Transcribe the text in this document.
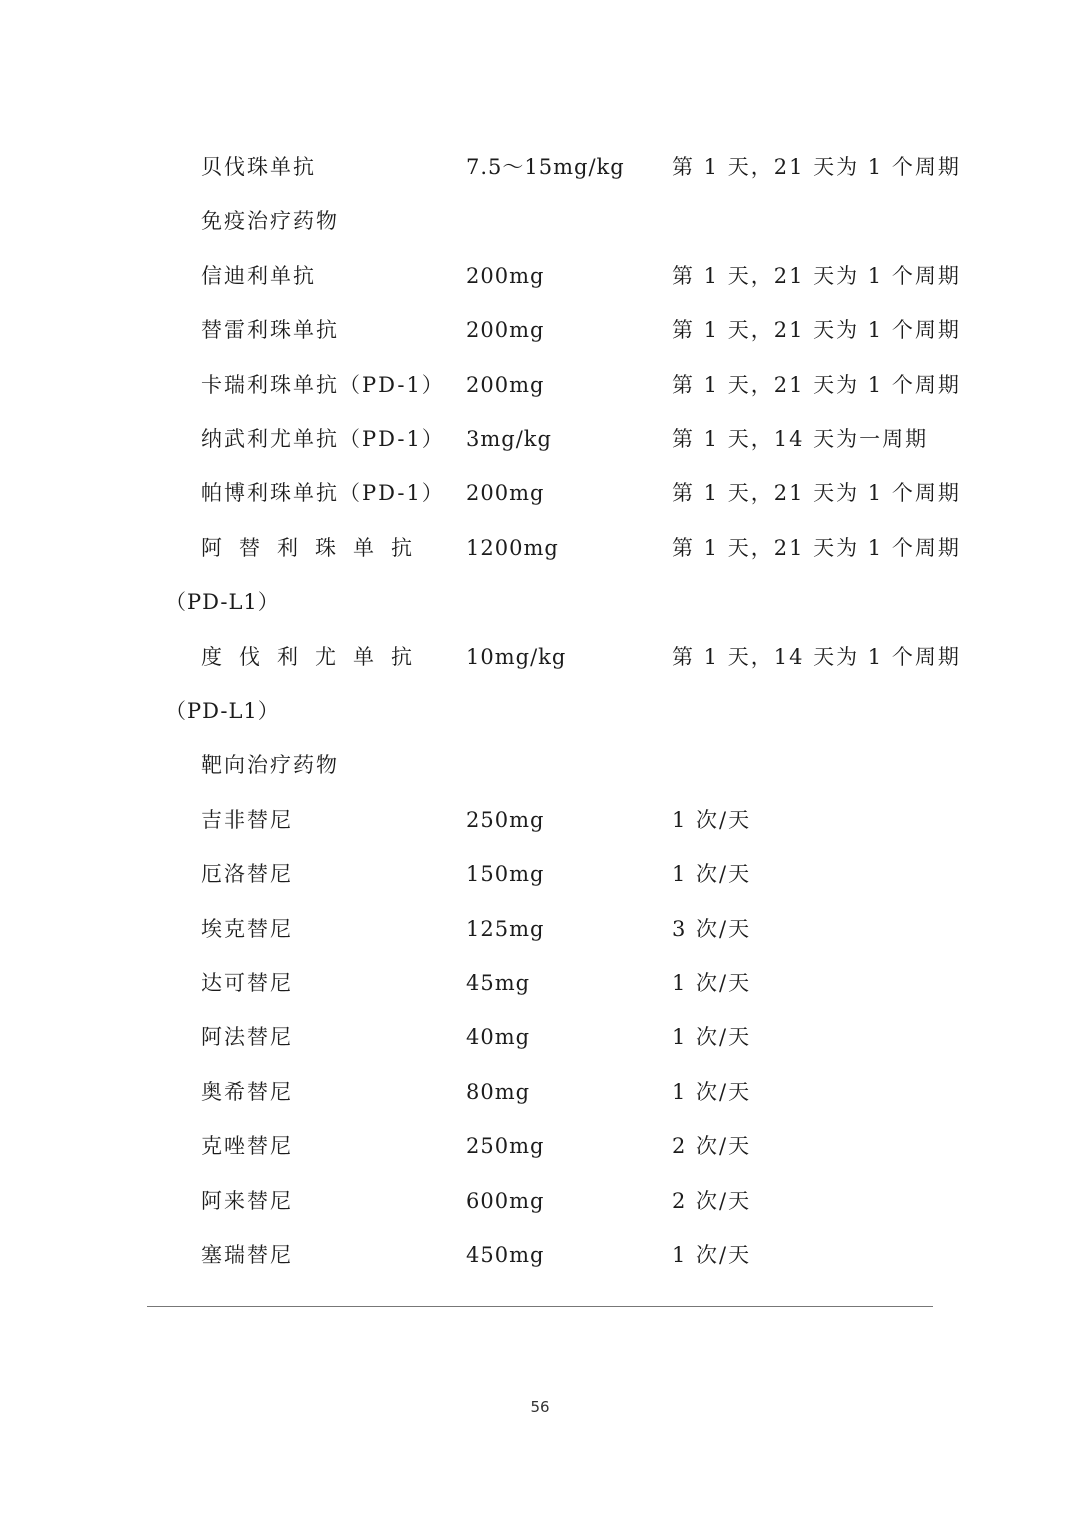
贝伐珠单抗	7.5～15mg/kg 第 1 天，21 天为 1 个周期
免疫治疗药物
信迪利单抗	200mg	第 1 天，21 天为 1 个周期
替雷利珠单抗	200mg	第 1 天，21 天为 1 个周期
卡瑞利珠单抗（PD-1） 200mg	第 1 天，21 天为 1 个周期
纳武利尤单抗（PD-1） 3mg/kg	第 1 天，14 天为一周期
帕博利珠单抗（PD-1） 200mg	第 1 天，21 天为 1 个周期
阿替利珠单抗 1200mg	第 1 天，21 天为 1 个周期
（PD-L1）
度伐利尤单抗 10mg/kg	第 1 天，14 天为 1 个周期
（PD-L1）
靶向治疗药物
吉非替尼	250mg	1 次/天
厄洛替尼	150mg	1 次/天
埃克替尼	125mg	3 次/天
达可替尼	45mg	1 次/天
阿法替尼	40mg	1 次/天
奥希替尼	80mg	1 次/天
克唑替尼	250mg	2 次/天
阿来替尼	600mg	2 次/天
塞瑞替尼	450mg	1 次/天
56
